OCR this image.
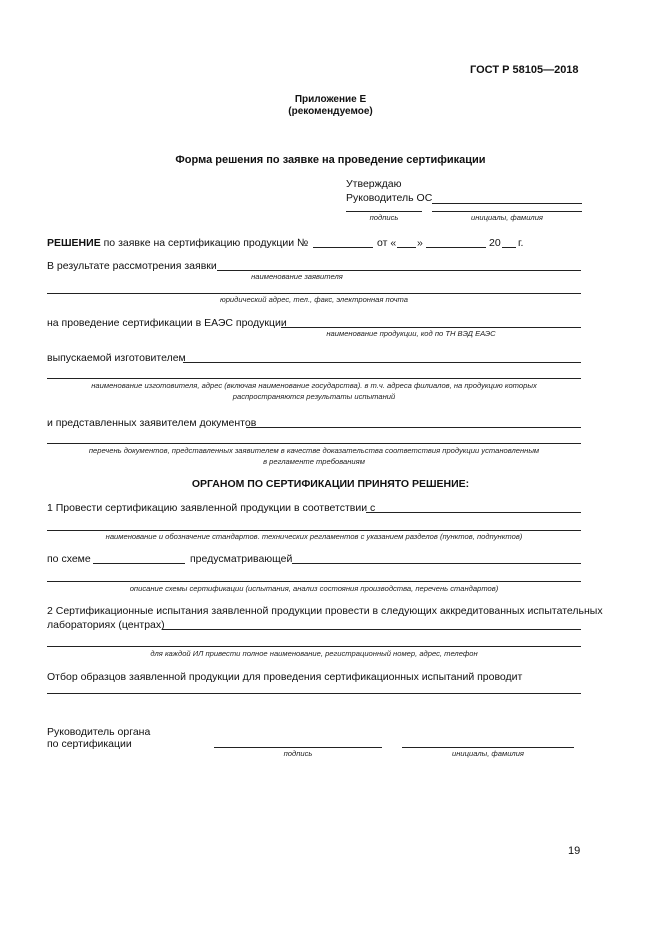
ГОСТ Р 58105—2018
Приложение Е
(рекомендуемое)
Форма решения по заявке на проведение сертификации
Утверждаю
Руководитель ОС
подпись	инициалы, фамилия
РЕШЕНИЕ по заявке на сертификацию продукции №	от « »	20 г.
В результате рассмотрения заявки
наименование заявителя
юридический адрес, тел., факс, электронная почта
на проведение сертификации в ЕАЭС продукции
наименование продукции, код по ТН ВЭД ЕАЭС
выпускаемой изготовителем
наименование изготовителя, адрес (включая наименование государства). в т.ч. адреса филиалов, на продукцию которых
распространяются результаты испытаний
и представленных заявителем документов
перечень документов, представленных заявителем в качестве доказательства соответствия продукции установленным
в регламенте требованиям
ОРГАНОМ ПО СЕРТИФИКАЦИИ ПРИНЯТО РЕШЕНИЕ:
1 Провести сертификацию заявленной продукции в соответствии с
наименование и обозначение стандартов. технических регламентов с указанием разделов (пунктов, подпунктов)
по схеме	предусматривающей
описание схемы сертификации (испытания, анализ состояния производства, перечень стандартов)
2 Сертификационные испытания заявленной продукции провести в следующих аккредитованных испытательных
лабораториях (центрах)
для каждой ИЛ привести полное наименование, регистрационный номер, адрес, телефон
Отбор образцов заявленной продукции для проведения сертификационных испытаний проводит
Руководитель органа
по сертификации
подпись	инициалы, фамилия
19
